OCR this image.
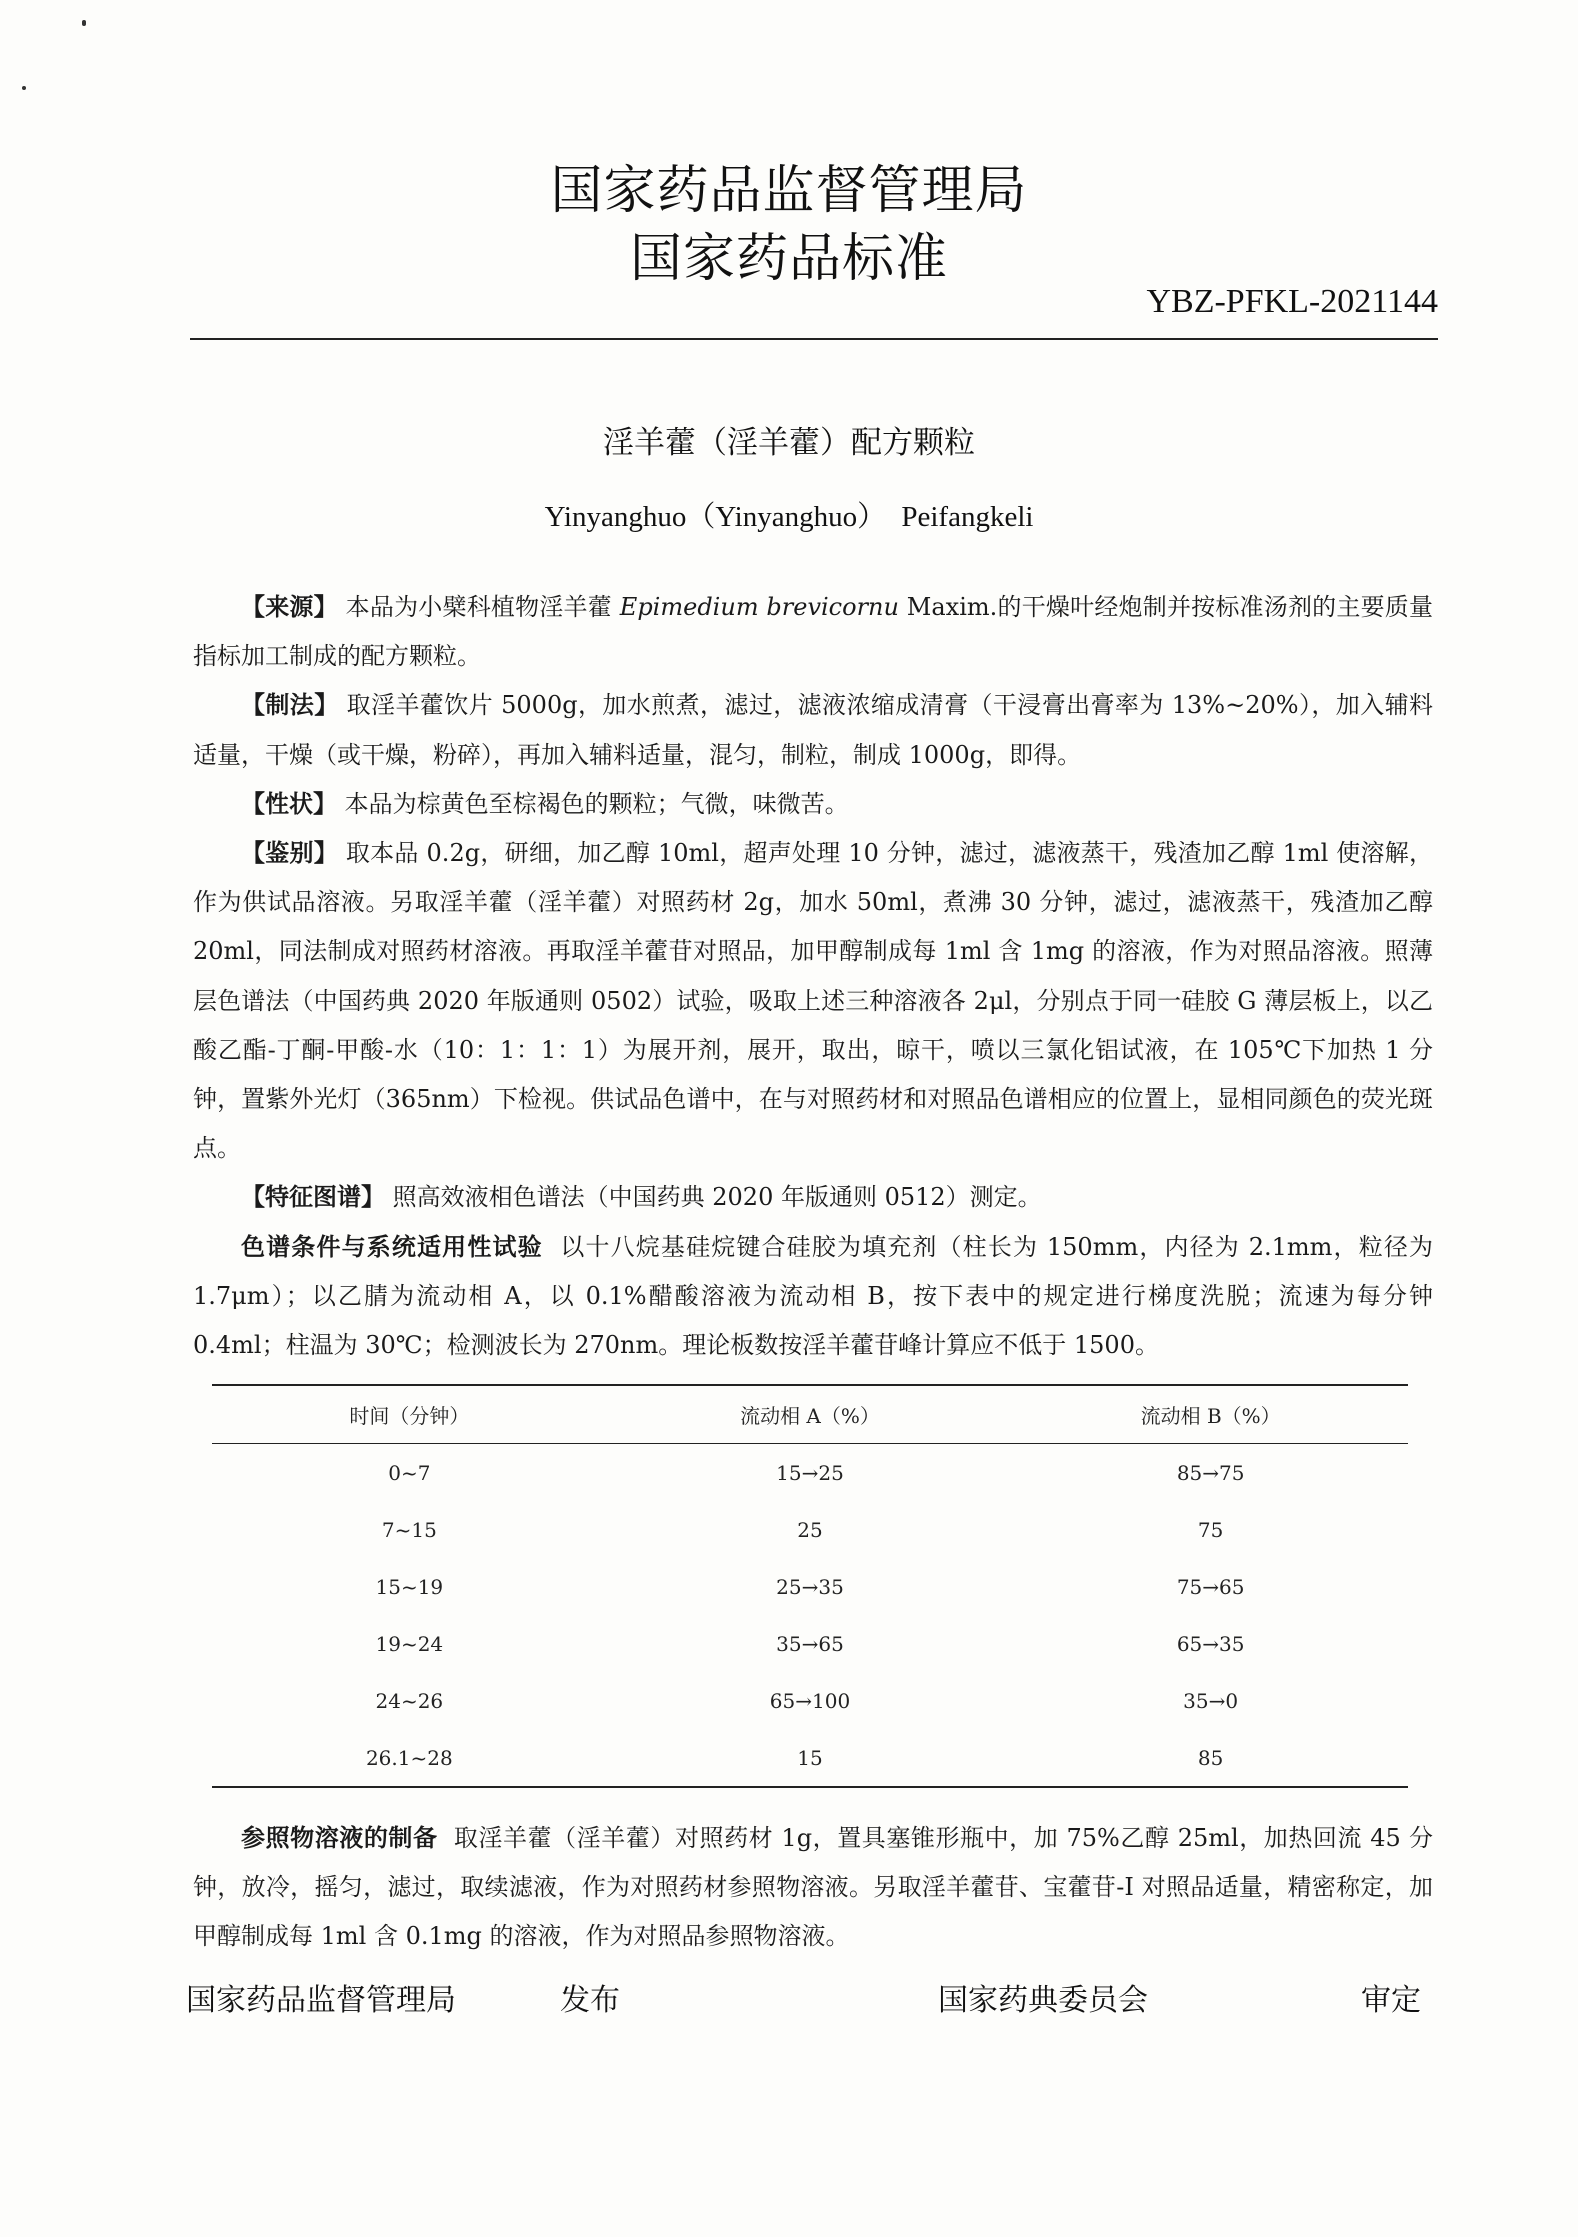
国家药品监督管理局
国家药品标准
YBZ-PFKL-2021144
淫羊藿（淫羊藿）配方颗粒
Yinyanghuo（Yinyanghuo） Peifangkeli

【来源】 本品为小檗科植物淫羊藿 Epimedium brevicornu Maxim.的干燥叶经炮制并按标准汤剂的主要质量指标加工制成的配方颗粒。

【制法】 取淫羊藿饮片 5000g，加水煎煮，滤过，滤液浓缩成清膏（干浸膏出膏率为 13%~20%），加入辅料适量，干燥（或干燥，粉碎），再加入辅料适量，混匀，制粒，制成 1000g，即得。

【性状】 本品为棕黄色至棕褐色的颗粒；气微，味微苦。

【鉴别】 取本品 0.2g，研细，加乙醇 10ml，超声处理 10 分钟，滤过，滤液蒸干，残渣加乙醇 1ml 使溶解，作为供试品溶液。另取淫羊藿（淫羊藿）对照药材 2g，加水 50ml，煮沸 30 分钟，滤过，滤液蒸干，残渣加乙醇 20ml，同法制成对照药材溶液。再取淫羊藿苷对照品，加甲醇制成每 1ml 含 1mg 的溶液，作为对照品溶液。照薄层色谱法（中国药典 2020 年版通则 0502）试验，吸取上述三种溶液各 2μl，分别点于同一硅胶 G 薄层板上，以乙酸乙酯-丁酮-甲酸-水（10：1：1：1）为展开剂，展开，取出，晾干，喷以三氯化铝试液，在 105℃下加热 1 分钟，置紫外光灯（365nm）下检视。供试品色谱中，在与对照药材和对照品色谱相应的位置上，显相同颜色的荧光斑点。

【特征图谱】 照高效液相色谱法（中国药典 2020 年版通则 0512）测定。

色谱条件与系统适用性试验 以十八烷基硅烷键合硅胶为填充剂（柱长为 150mm，内径为 2.1mm，粒径为 1.7μm）；以乙腈为流动相 A，以 0.1%醋酸溶液为流动相 B，按下表中的规定进行梯度洗脱；流速为每分钟 0.4ml；柱温为 30℃；检测波长为 270nm。理论板数按淫羊藿苷峰计算应不低于 1500。

时间（分钟）	流动相 A（%）	流动相 B（%）
0~7	15→25	85→75
7~15	25	75
15~19	25→35	75→65
19~24	35→65	65→35
24~26	65→100	35→0
26.1~28	15	85

参照物溶液的制备 取淫羊藿（淫羊藿）对照药材 1g，置具塞锥形瓶中，加 75%乙醇 25ml，加热回流 45 分钟，放冷，摇匀，滤过，取续滤液，作为对照药材参照物溶液。另取淫羊藿苷、宝藿苷-I 对照品适量，精密称定，加甲醇制成每 1ml 含 0.1mg 的溶液，作为对照品参照物溶液。

国家药品监督管理局	发布	国家药典委员会	审定
